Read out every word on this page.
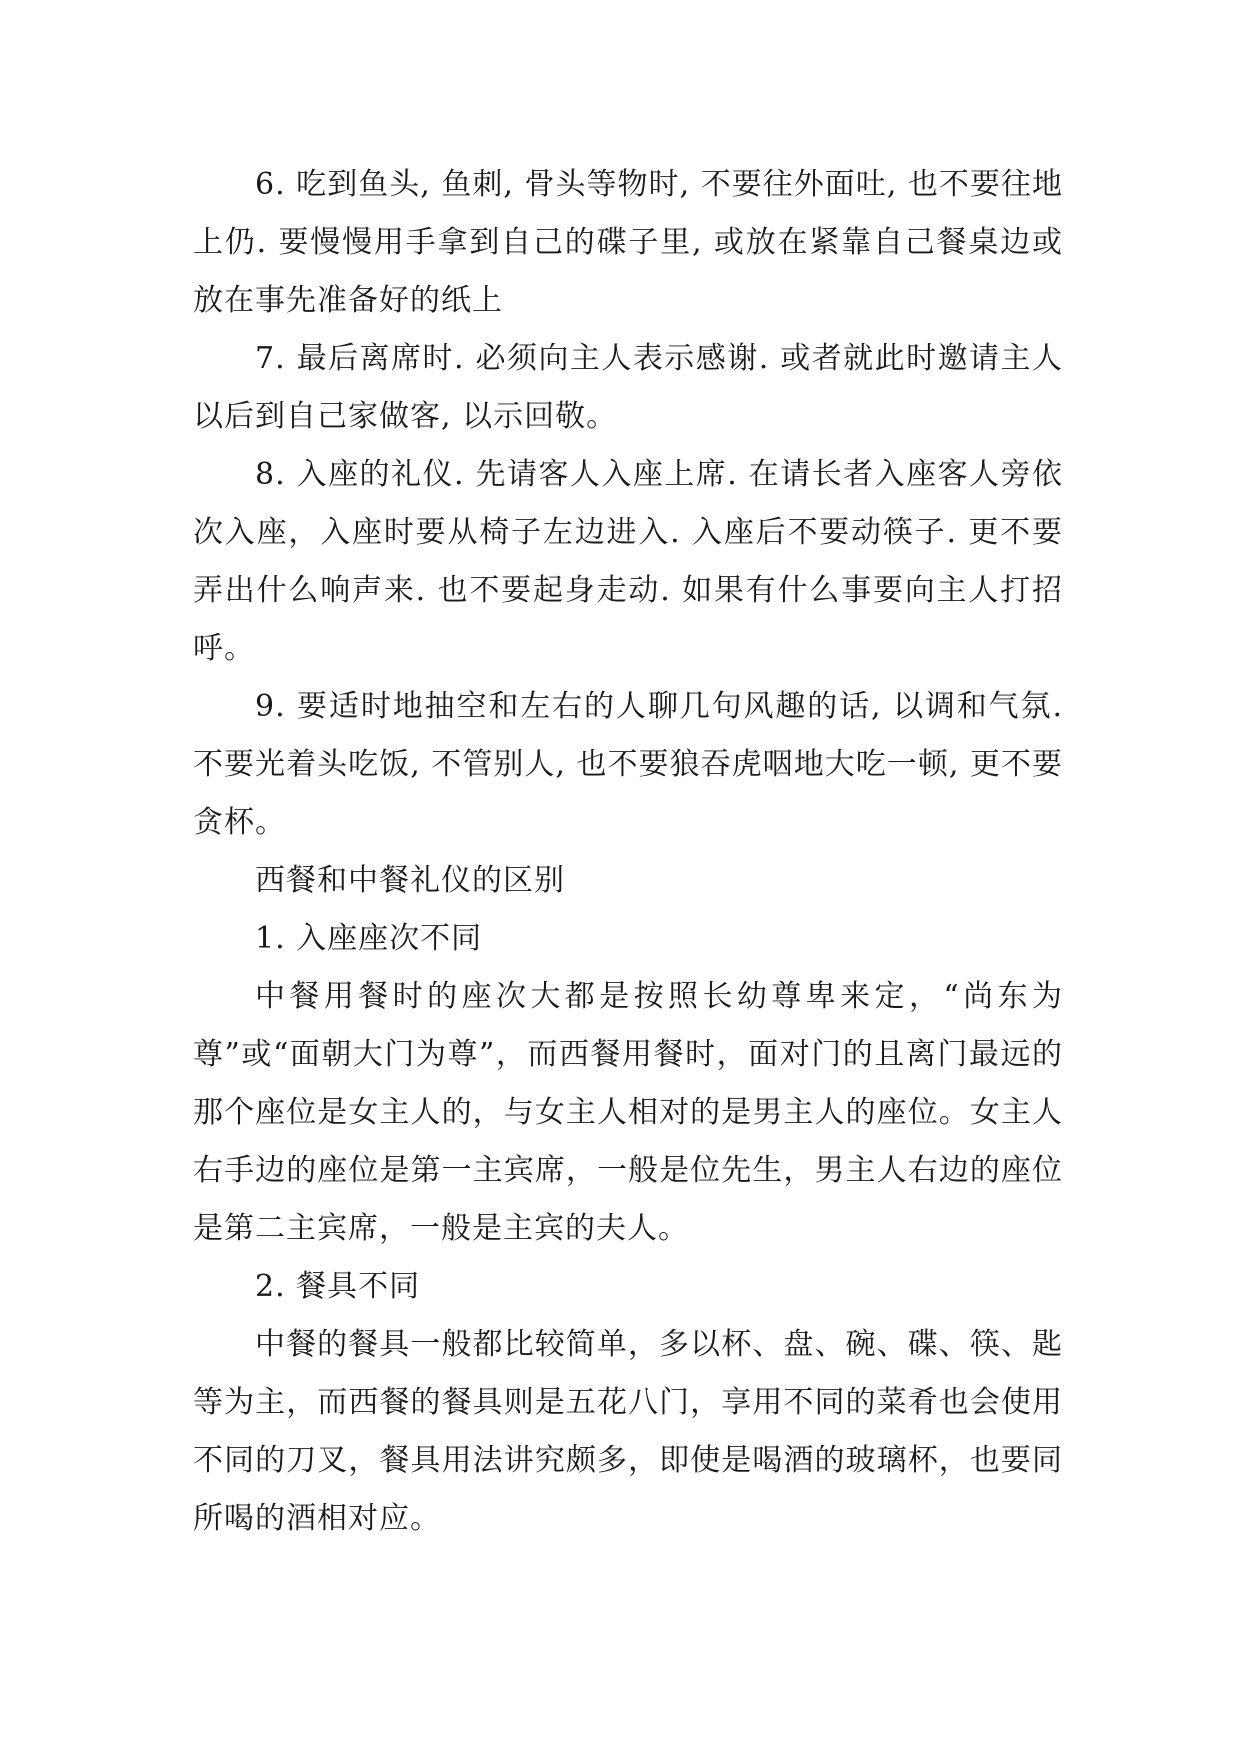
6. 吃到鱼头, 鱼刺, 骨头等物时, 不要往外面吐, 也不要往地上仍. 要慢慢用手拿到自己的碟子里, 或放在紧靠自己餐桌边或放在事先准备好的纸上

7. 最后离席时. 必须向主人表示感谢. 或者就此时邀请主人以后到自己家做客, 以示回敬。

8. 入座的礼仪. 先请客人入座上席. 在请长者入座客人旁依次入座，入座时要从椅子左边进入. 入座后不要动筷子. 更不要弄出什么响声来. 也不要起身走动. 如果有什么事要向主人打招呼。

9. 要适时地抽空和左右的人聊几句风趣的话, 以调和气氛. 不要光着头吃饭, 不管别人, 也不要狼吞虎咽地大吃一顿, 更不要贪杯。

西餐和中餐礼仪的区别

1. 入座座次不同

中餐用餐时的座次大都是按照长幼尊卑来定，“尚东为尊”或“面朝大门为尊”，而西餐用餐时，面对门的且离门最远的那个座位是女主人的，与女主人相对的是男主人的座位。女主人右手边的座位是第一主宾席，一般是位先生，男主人右边的座位是第二主宾席，一般是主宾的夫人。

2. 餐具不同

中餐的餐具一般都比较简单，多以杯、盘、碗、碟、筷、匙等为主，而西餐的餐具则是五花八门，享用不同的菜肴也会使用不同的刀叉，餐具用法讲究颇多，即使是喝酒的玻璃杯，也要同所喝的酒相对应。
